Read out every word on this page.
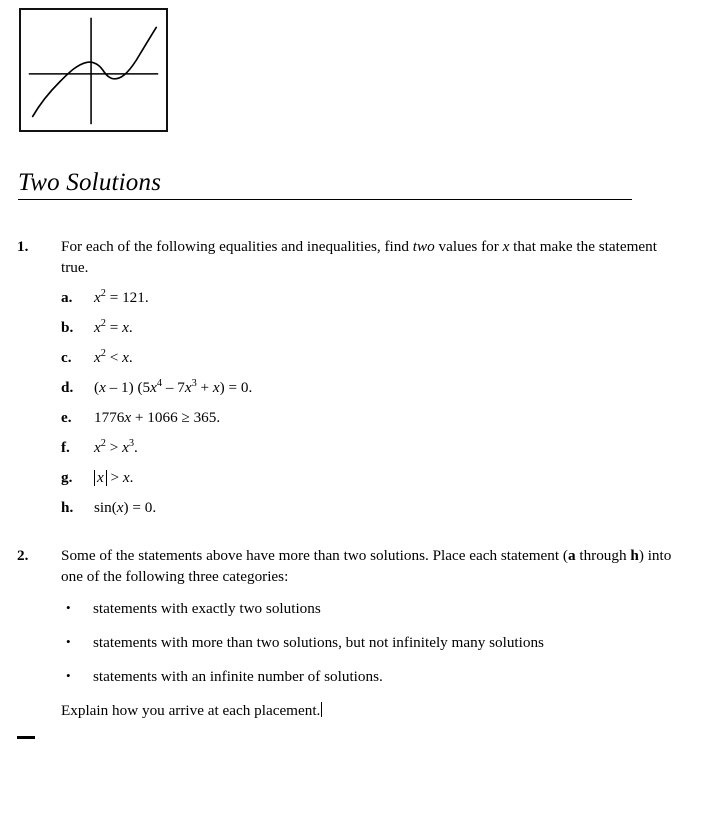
Two Solutions
1.	For each of the following equalities and inequalities, find two values for x that make the statement true.
a. $x^2 = 121$.
b. $x^2 = x$.
c. $x^2 < x$.
d. (x – 1) $(5x^4 - 7x^3 + x) = 0$.
e. 1776x + 1066 ≥ 365.
f. $x^2 > x^3$.
g. x > x.
h. sin(x) = 0.
2.	Some of the statements above have more than two solutions. Place each statement (a through h) into one of the following three categories:
• statements with exactly two solutions
• statements with more than two solutions, but not infinitely many solutions
• statements with an infinite number of solutions.
Explain how you arrive at each placement.
